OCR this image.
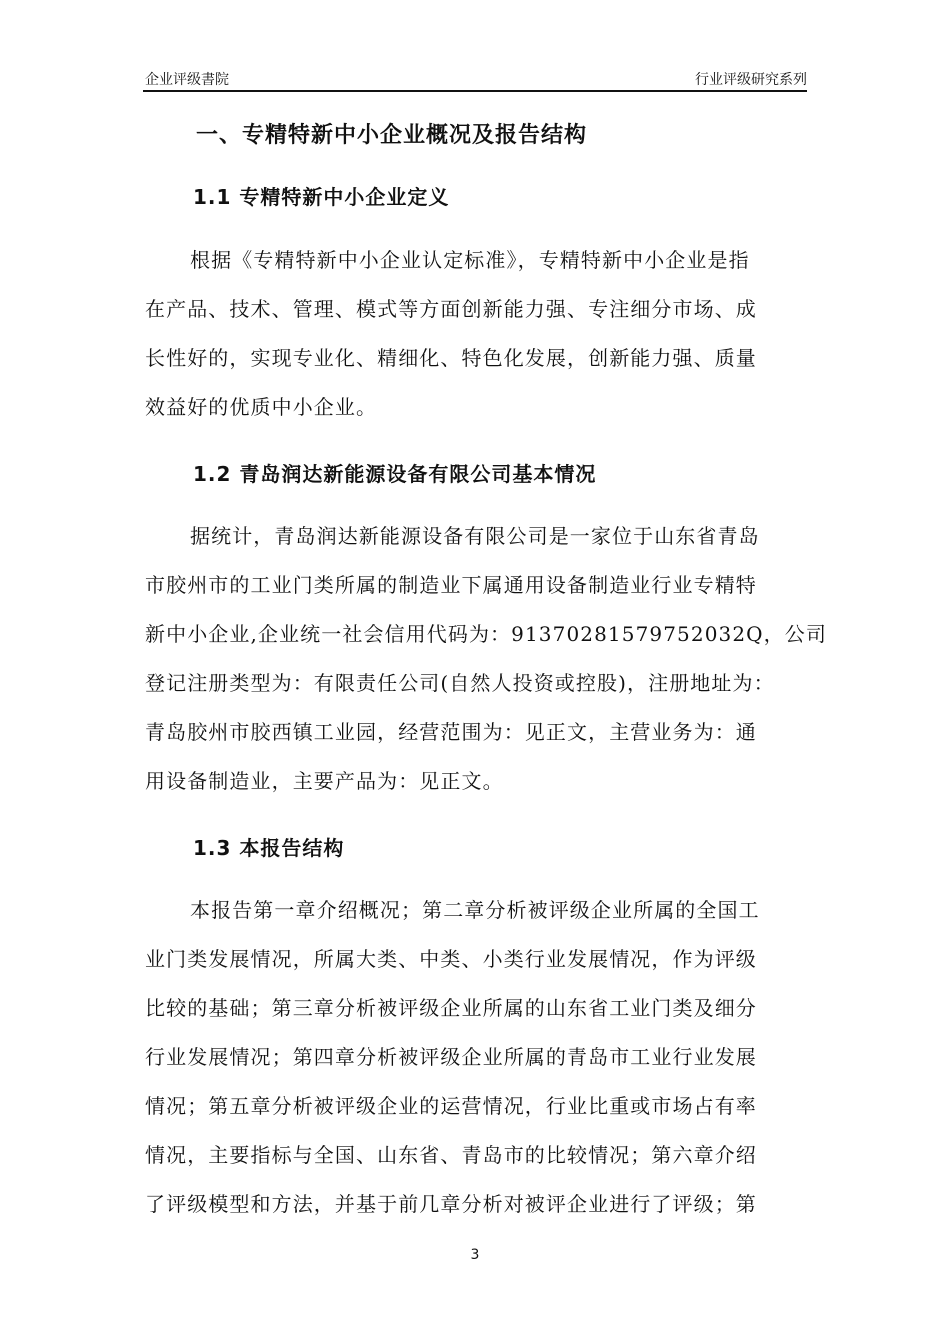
企业评级書院	行业评级研究系列
一、专精特新中小企业概况及报告结构
1.1 专精特新中小企业定义
根据《专精特新中小企业认定标准》，专精特新中小企业是指
在产品、技术、管理、模式等方面创新能力强、专注细分市场、成
长性好的，实现专业化、精细化、特色化发展，创新能力强、质量
效益好的优质中小企业。
1.2 青岛润达新能源设备有限公司基本情况
据统计，青岛润达新能源设备有限公司是一家位于山东省青岛
市胶州市的工业门类所属的制造业下属通用设备制造业行业专精特
新中小企业,企业统一社会信用代码为：91370281579752032Q，公司
登记注册类型为：有限责任公司(自然人投资或控股)，注册地址为：
青岛胶州市胶西镇工业园，经营范围为：见正文，主营业务为：通
用设备制造业，主要产品为：见正文。
1.3 本报告结构
本报告第一章介绍概况；第二章分析被评级企业所属的全国工
业门类发展情况，所属大类、中类、小类行业发展情况，作为评级
比较的基础；第三章分析被评级企业所属的山东省工业门类及细分
行业发展情况；第四章分析被评级企业所属的青岛市工业行业发展
情况；第五章分析被评级企业的运营情况，行业比重或市场占有率
情况，主要指标与全国、山东省、青岛市的比较情况；第六章介绍
了评级模型和方法，并基于前几章分析对被评企业进行了评级；第
3
